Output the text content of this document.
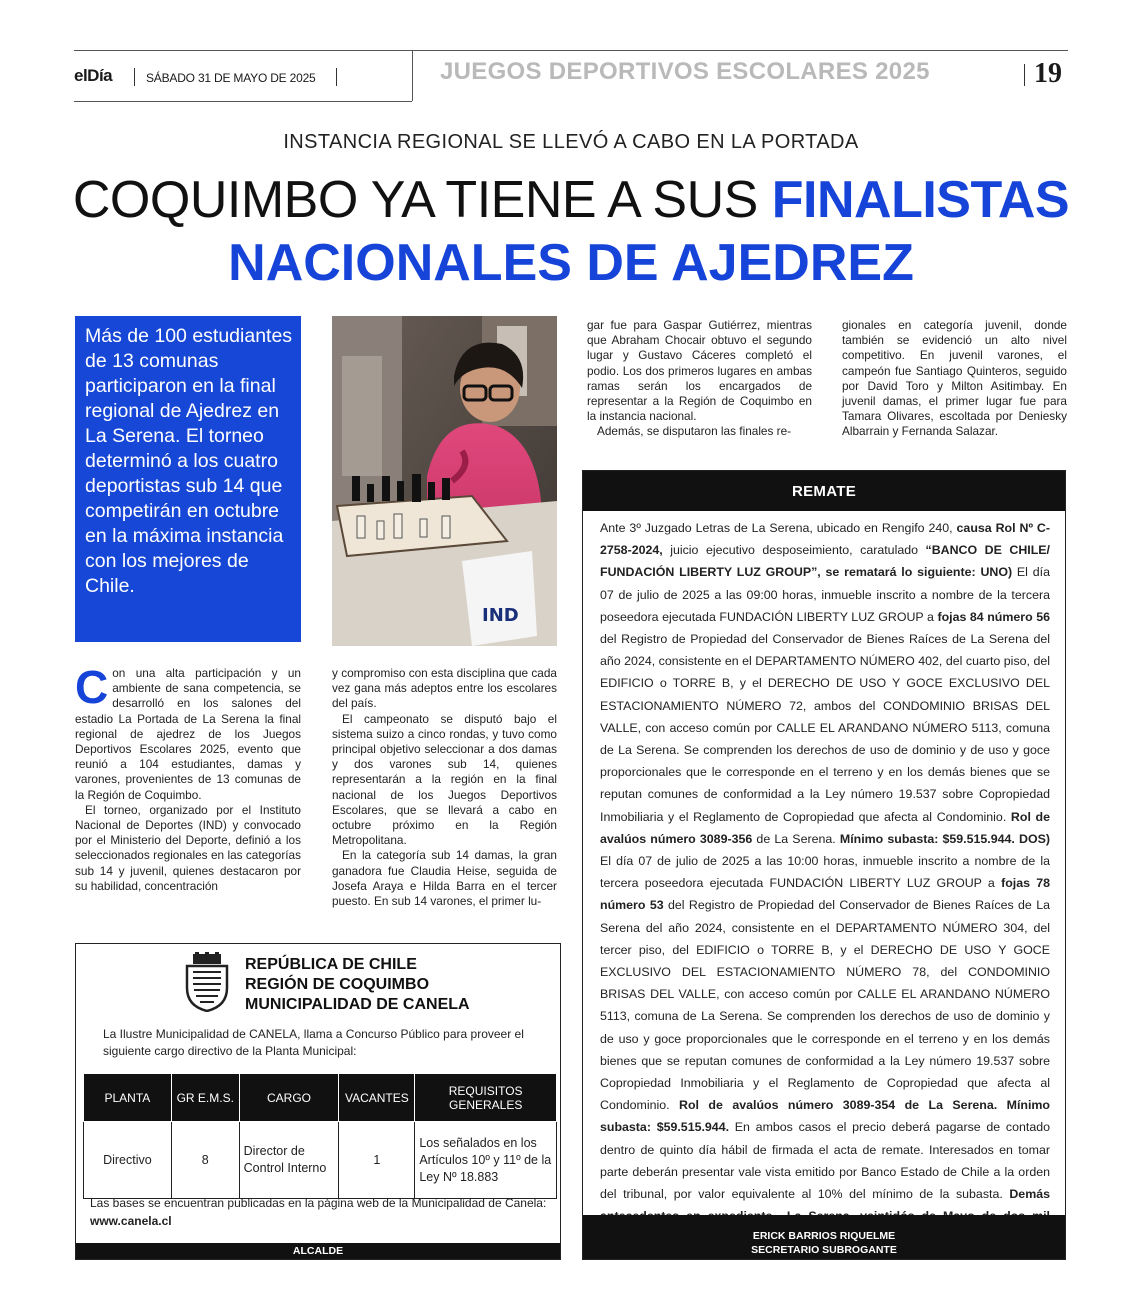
elDía	SÁBADO 31 DE MAYO DE 2025	JUEGOS DEPORTIVOS ESCOLARES 2025	19
INSTANCIA REGIONAL SE LLEVÓ A CABO EN LA PORTADA
COQUIMBO YA TIENE A SUS FINALISTAS
NACIONALES DE AJEDREZ
Más de 100 estudiantes de 13 comunas participaron en la final regional de Ajedrez en La Serena. El torneo determinó a los cuatro deportistas sub 14 que competirán en octubre en la máxima instancia con los mejores de Chile.
IND

Con una alta participación y un ambiente de sana competencia, se desarrolló en los salones del estadio La Portada de La Serena la final regional de ajedrez de los Juegos Deportivos Escolares 2025, evento que reunió a 104 estudiantes, damas y varones, provenientes de 13 comunas de la Región de Coquimbo.

El torneo, organizado por el Instituto Nacional de Deportes (IND) y convocado por el Ministerio del Deporte, definió a los seleccionados regionales en las categorías sub 14 y juvenil, quienes destacaron por su habilidad, concentración

y compromiso con esta disciplina que cada vez gana más adeptos entre los escolares del país.

El campeonato se disputó bajo el sistema suizo a cinco rondas, y tuvo como principal objetivo seleccionar a dos damas y dos varones sub 14, quienes representarán a la región en la final nacional de los Juegos Deportivos Escolares, que se llevará a cabo en octubre próximo en la Región Metropolitana.

En la categoría sub 14 damas, la gran ganadora fue Claudia Heise, seguida de Josefa Araya e Hilda Barra en el tercer puesto. En sub 14 varones, el primer lu-

gar fue para Gaspar Gutiérrez, mientras que Abraham Chocair obtuvo el segundo lugar y Gustavo Cáceres completó el podio. Los dos primeros lugares en ambas ramas serán los encargados de representar a la Región de Coquimbo en la instancia nacional.

Además, se disputaron las finales re-

gionales en categoría juvenil, donde también se evidenció un alto nivel competitivo. En juvenil varones, el campeón fue Santiago Quinteros, seguido por David Toro y Milton Asitimbay. En juvenil damas, el primer lugar fue para Tamara Olivares, escoltada por Deniesky Albarrain y Fernanda Salazar.

REPÚBLICA DE CHILE
REGIÓN DE COQUIMBO
MUNICIPALIDAD DE CANELA
La Ilustre Municipalidad de CANELA, llama a Concurso Público para proveer el siguiente cargo directivo de la Planta Municipal:
PLANTA	GR E.M.S.	CARGO	VACANTES	REQUISITOS GENERALES
Directivo	8	Director de Control Interno	1	Los señalados en los Artículos 10º y 11º de la Ley Nº 18.883
Las bases se encuentran publicadas en la página web de la Municipalidad de Canela: www.canela.cl
ALCALDE
REMATE
Ante 3º Juzgado Letras de La Serena, ubicado en Rengifo 240, causa Rol Nº C-2758-2024, juicio ejecutivo desposeimiento, caratulado “BANCO DE CHILE/ FUNDACIÓN LIBERTY LUZ GROUP”, se rematará lo siguiente: UNO) El día 07 de julio de 2025 a las 09:00 horas, inmueble inscrito a nombre de la tercera poseedora ejecutada FUNDACIÓN LIBERTY LUZ GROUP a fojas 84 número 56 del Registro de Propiedad del Conservador de Bienes Raíces de La Serena del año 2024, consistente en el DEPARTAMENTO NÚMERO 402, del cuarto piso, del EDIFICIO o TORRE B, y el DERECHO DE USO Y GOCE EXCLUSIVO DEL ESTACIONAMIENTO NÚMERO 72, ambos del CONDOMINIO BRISAS DEL VALLE, con acceso común por CALLE EL ARANDANO NÚMERO 5113, comuna de La Serena. Se comprenden los derechos de uso de dominio y de uso y goce proporcionales que le corresponde en el terreno y en los demás bienes que se reputan comunes de conformidad a la Ley número 19.537 sobre Copropiedad Inmobiliaria y el Reglamento de Copropiedad que afecta al Condominio. Rol de avalúos número 3089-356 de La Serena. Mínimo subasta: $59.515.944. DOS) El día 07 de julio de 2025 a las 10:00 horas, inmueble inscrito a nombre de la tercera poseedora ejecutada FUNDACIÓN LIBERTY LUZ GROUP a fojas 78 número 53 del Registro de Propiedad del Conservador de Bienes Raíces de La Serena del año 2024, consistente en el DEPARTAMENTO NÚMERO 304, del tercer piso, del EDIFICIO o TORRE B, y el DERECHO DE USO Y GOCE EXCLUSIVO DEL ESTACIONAMIENTO NÚMERO 78, del CONDOMINIO BRISAS DEL VALLE, con acceso común por CALLE EL ARANDANO NÚMERO 5113, comuna de La Serena. Se comprenden los derechos de uso de dominio y de uso y goce proporcionales que le corresponde en el terreno y en los demás bienes que se reputan comunes de conformidad a la Ley número 19.537 sobre Copropiedad Inmobiliaria y el Reglamento de Copropiedad que afecta al Condominio. Rol de avalúos número 3089-354 de La Serena. Mínimo subasta: $59.515.944. En ambos casos el precio deberá pagarse de contado dentro de quinto día hábil de firmada el acta de remate. Interesados en tomar parte deberán presentar vale vista emitido por Banco Estado de Chile a la orden del tribunal, por valor equivalente al 10% del mínimo de la subasta. Demás
ERICK BARRIOS RIQUELME
SECRETARIO SUBROGANTE
